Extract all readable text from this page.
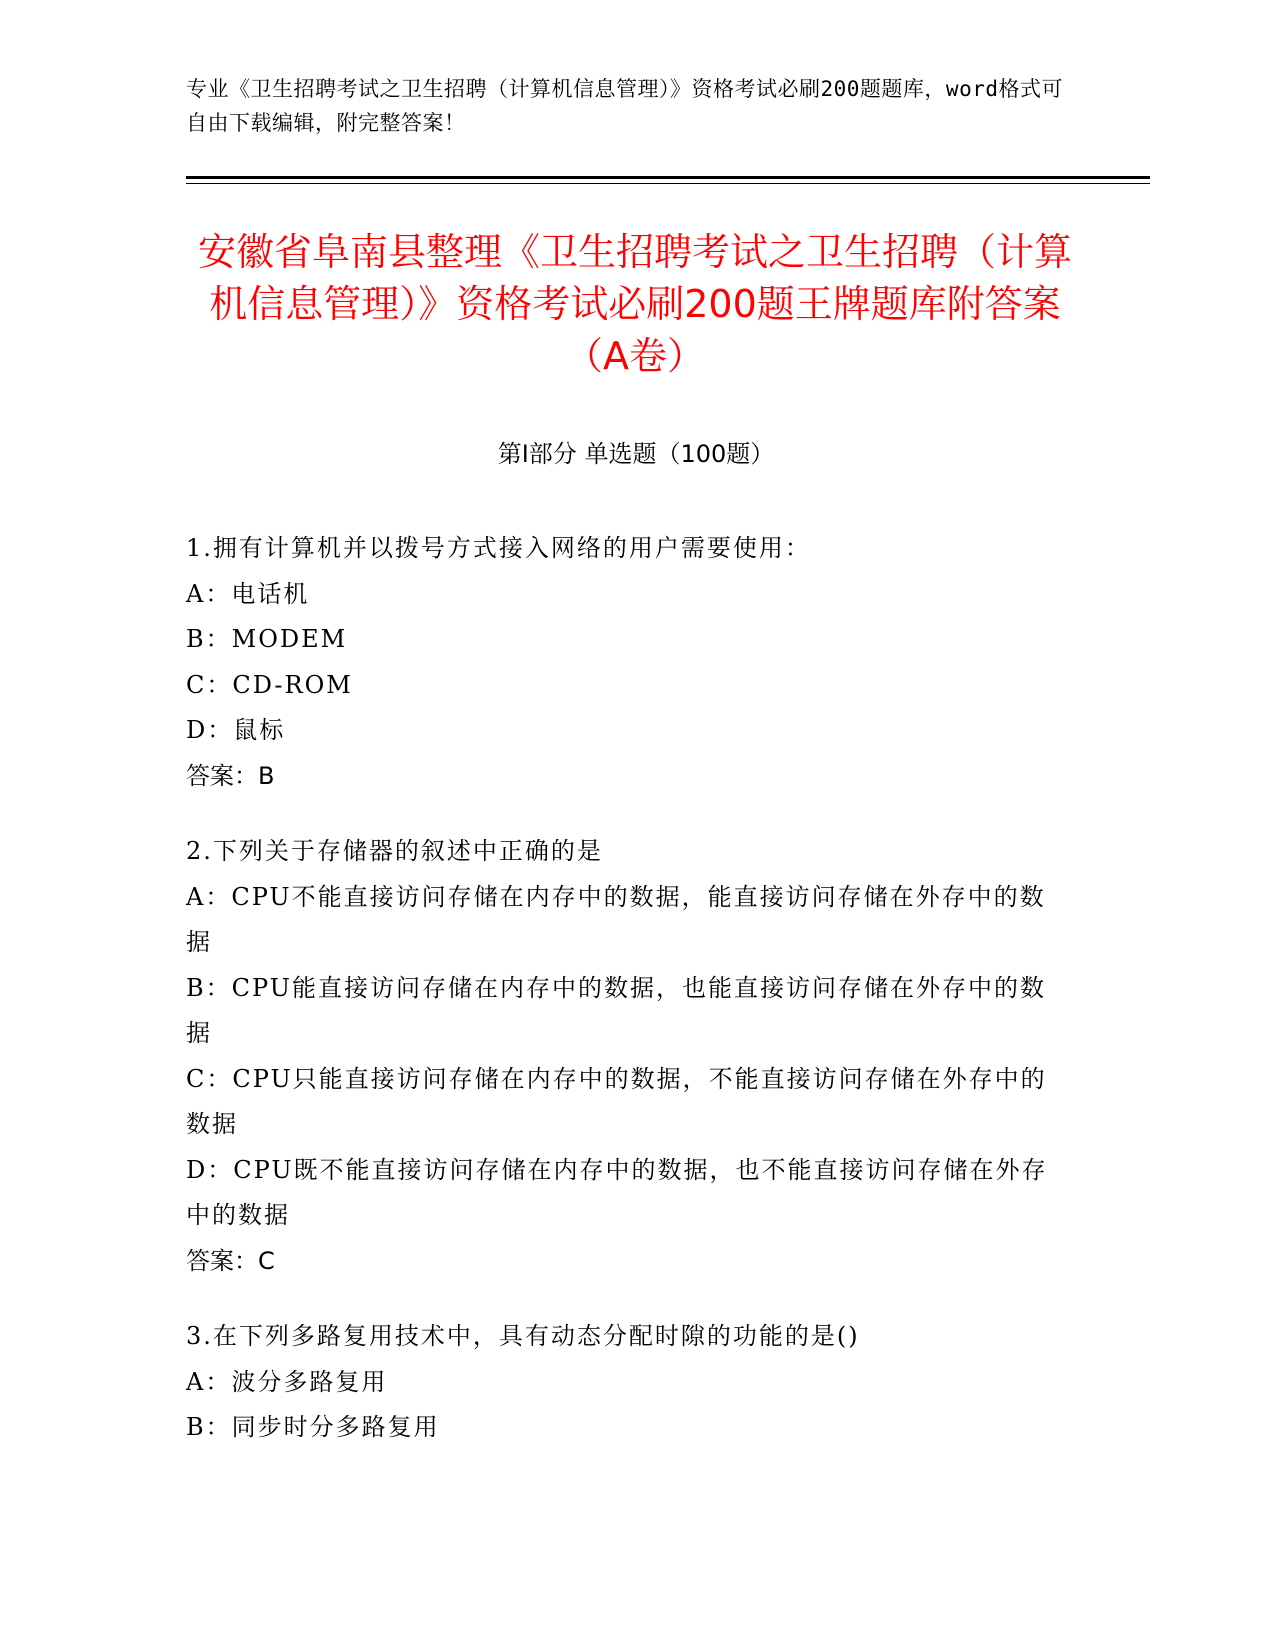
专业《卫生招聘考试之卫生招聘（计算机信息管理）》资格考试必刷200题题库，word格式可自由下载编辑，附完整答案！
安徽省阜南县整理《卫生招聘考试之卫生招聘（计算机信息管理）》资格考试必刷200题王牌题库附答案（A卷）
第Ⅰ部分 单选题（100题）
1.拥有计算机并以拨号方式接入网络的用户需要使用：
A：电话机
B：MODEM
C：CD-ROM
D：鼠标
答案：B
2.下列关于存储器的叙述中正确的是
A：CPU不能直接访问存储在内存中的数据，能直接访问存储在外存中的数据
B：CPU能直接访问存储在内存中的数据，也能直接访问存储在外存中的数据
C：CPU只能直接访问存储在内存中的数据，不能直接访问存储在外存中的数据
D：CPU既不能直接访问存储在内存中的数据，也不能直接访问存储在外存中的数据
答案：C
3.在下列多路复用技术中，具有动态分配时隙的功能的是()
A：波分多路复用
B：同步时分多路复用
